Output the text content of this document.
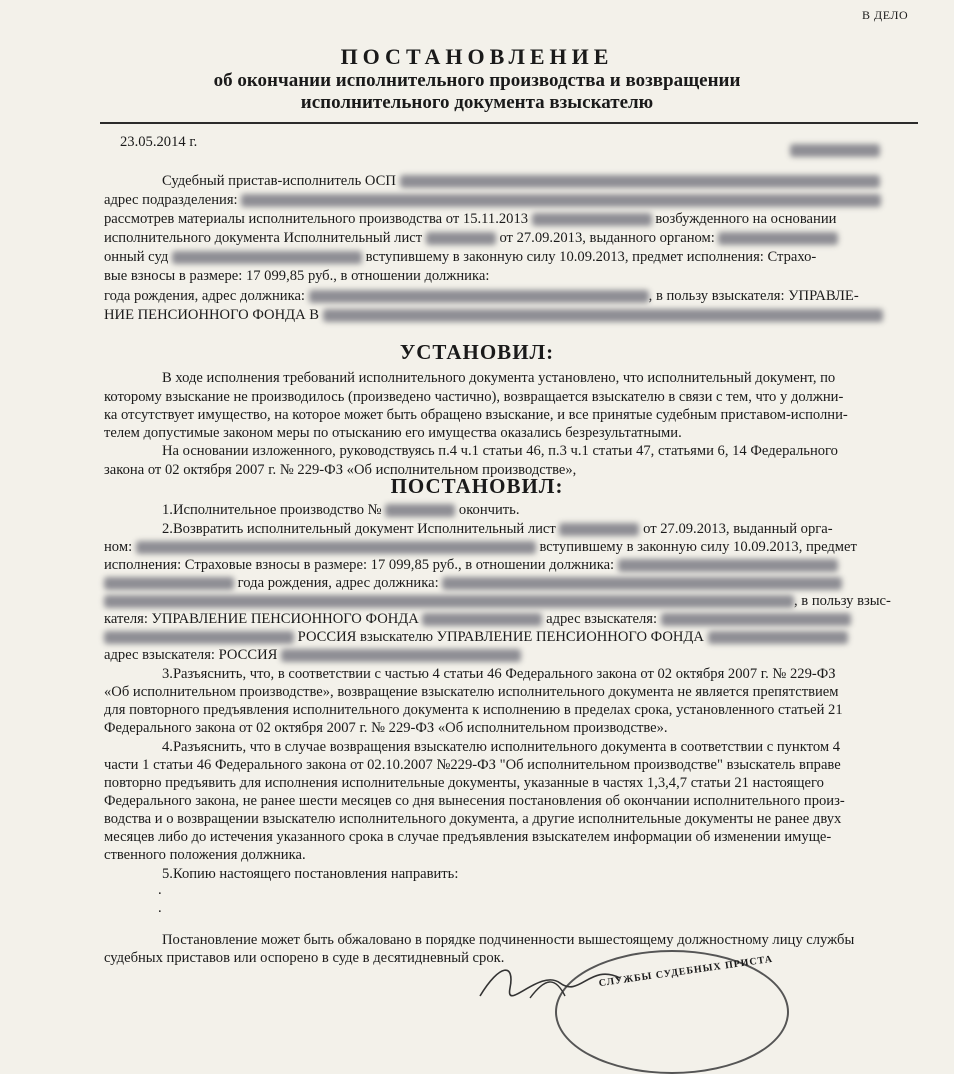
В ДЕЛО
ПОСТАНОВЛЕНИЕ
об окончании исполнительного производства и возвращении
исполнительного документа взыскателю
23.05.2014 г.
Судебный пристав-исполнитель ОСП
адрес подразделения:
рассмотрев материалы исполнительного производства от 15.11.2013	возбужденного на основании
исполнительного документа Исполнительный лист	от 27.09.2013, выданного органом:
онный суд	вступившему в законную силу 10.09.2013, предмет исполнения: Страхо-
вые взносы в размере: 17 099,85 руб., в отношении должника:
года рождения, адрес должника:	, в пользу взыскателя: УПРАВЛЕ-
НИЕ ПЕНСИОННОГО ФОНДА В
УСТАНОВИЛ:
В ходе исполнения требований исполнительного документа установлено, что исполнительный документ, по
которому взыскание не производилось (произведено частично), возвращается взыскателю в связи с тем, что у должни-
ка отсутствует имущество, на которое может быть обращено взыскание, и все принятые судебным приставом-исполни-
телем допустимые законом меры по отысканию его имущества оказались безрезультатными.
На основании изложенного, руководствуясь п.4 ч.1 статьи 46, п.3 ч.1 статьи 47, статьями 6, 14 Федерального
закона от 02 октября 2007 г. № 229-ФЗ «Об исполнительном производстве»,
ПОСТАНОВИЛ:
1.Исполнительное производство №	окончить.
2.Возвратить исполнительный документ Исполнительный лист	от 27.09.2013, выданный орга-
ном:	вступившему в законную силу 10.09.2013, предмет
исполнения: Страховые взносы в размере: 17 099,85 руб., в отношении должника:
года рождения, адрес должника:
, в пользу взыс-
кателя: УПРАВЛЕНИЕ ПЕНСИОННОГО ФОНДА	адрес взыскателя:
РОССИЯ взыскателю УПРАВЛЕНИЕ ПЕНСИОННОГО ФОНДА
адрес взыскателя: РОССИЯ
3.Разъяснить, что, в соответствии с частью 4 статьи 46 Федерального закона от 02 октября 2007 г. № 229-ФЗ
«Об исполнительном производстве», возвращение взыскателю исполнительного документа не является препятствием
для повторного предъявления исполнительного документа к исполнению в пределах срока, установленного статьей 21
Федерального закона от 02 октября 2007 г. № 229-ФЗ «Об исполнительном производстве».
4.Разъяснить, что в случае возвращения взыскателю исполнительного документа в соответствии с пунктом 4
части 1 статьи 46 Федерального закона от 02.10.2007 №229-ФЗ "Об исполнительном производстве" взыскатель вправе
повторно предъявить для исполнения исполнительные документы, указанные в частях 1,3,4,7 статьи 21 настоящего
Федерального закона, не ранее шести месяцев со дня вынесения постановления об окончании исполнительного произ-
водства и о возвращении взыскателю исполнительного документа, а другие исполнительные документы не ранее двух
месяцев либо до истечения указанного срока в случае предъявления взыскателем информации об изменении имуще-
ственного положения должника.
5.Копию настоящего постановления направить:
.
.
Постановление может быть обжаловано в порядке подчиненности вышестоящему должностному лицу службы
судебных приставов или оспорено в суде в десятидневный срок.	СЛУЖБЫ СУДЕБНЫХ ПРИСТА
